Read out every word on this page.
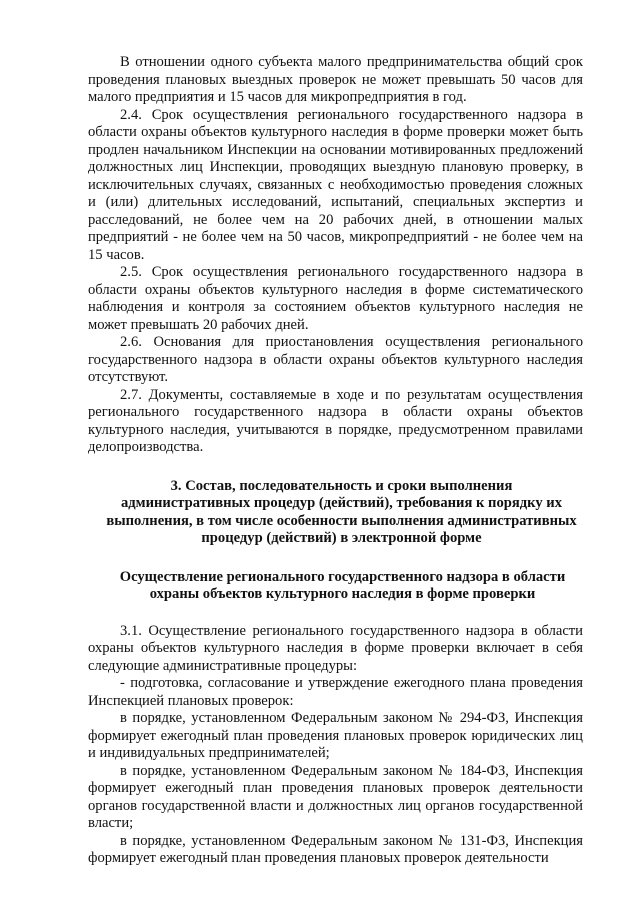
В отношении одного субъекта малого предпринимательства общий срок проведения плановых выездных проверок не может превышать 50 часов для малого предприятия и 15 часов для микропредприятия в год.

2.4. Срок осуществления регионального государственного надзора в области охраны объектов культурного наследия в форме проверки может быть продлен начальником Инспекции на основании мотивированных предложений должностных лиц Инспекции, проводящих выездную плановую проверку, в исключительных случаях, связанных с необходимостью проведения сложных и (или) длительных исследований, испытаний, специальных экспертиз и расследований, не более чем на 20 рабочих дней, в отношении малых предприятий - не более чем на 50 часов, микропредприятий - не более чем на 15 часов.

2.5. Срок осуществления регионального государственного надзора в области охраны объектов культурного наследия в форме систематического наблюдения и контроля за состоянием объектов культурного наследия не может превышать 20 рабочих дней.

2.6. Основания для приостановления осуществления регионального государственного надзора в области охраны объектов культурного наследия отсутствуют.

2.7. Документы, составляемые в ходе и по результатам осуществления регионального государственного надзора в области охраны объектов культурного наследия, учитываются в порядке, предусмотренном правилами делопроизводства.

3. Состав, последовательность и сроки выполнения административных процедур (действий), требования к порядку их выполнения, в том числе особенности выполнения административных процедур (действий) в электронной форме

Осуществление регионального государственного надзора в области охраны объектов культурного наследия в форме проверки

3.1. Осуществление регионального государственного надзора в области охраны объектов культурного наследия в форме проверки включает в себя следующие административные процедуры:

- подготовка, согласование и утверждение ежегодного плана проведения Инспекцией плановых проверок:

в порядке, установленном Федеральным законом № 294-ФЗ, Инспекция формирует ежегодный план проведения плановых проверок юридических лиц и индивидуальных предпринимателей;

в порядке, установленном Федеральным законом № 184-ФЗ, Инспекция формирует ежегодный план проведения плановых проверок деятельности органов государственной власти и должностных лиц органов государственной власти;

в порядке, установленном Федеральным законом № 131-ФЗ, Инспекция формирует ежегодный план проведения плановых проверок деятельности
